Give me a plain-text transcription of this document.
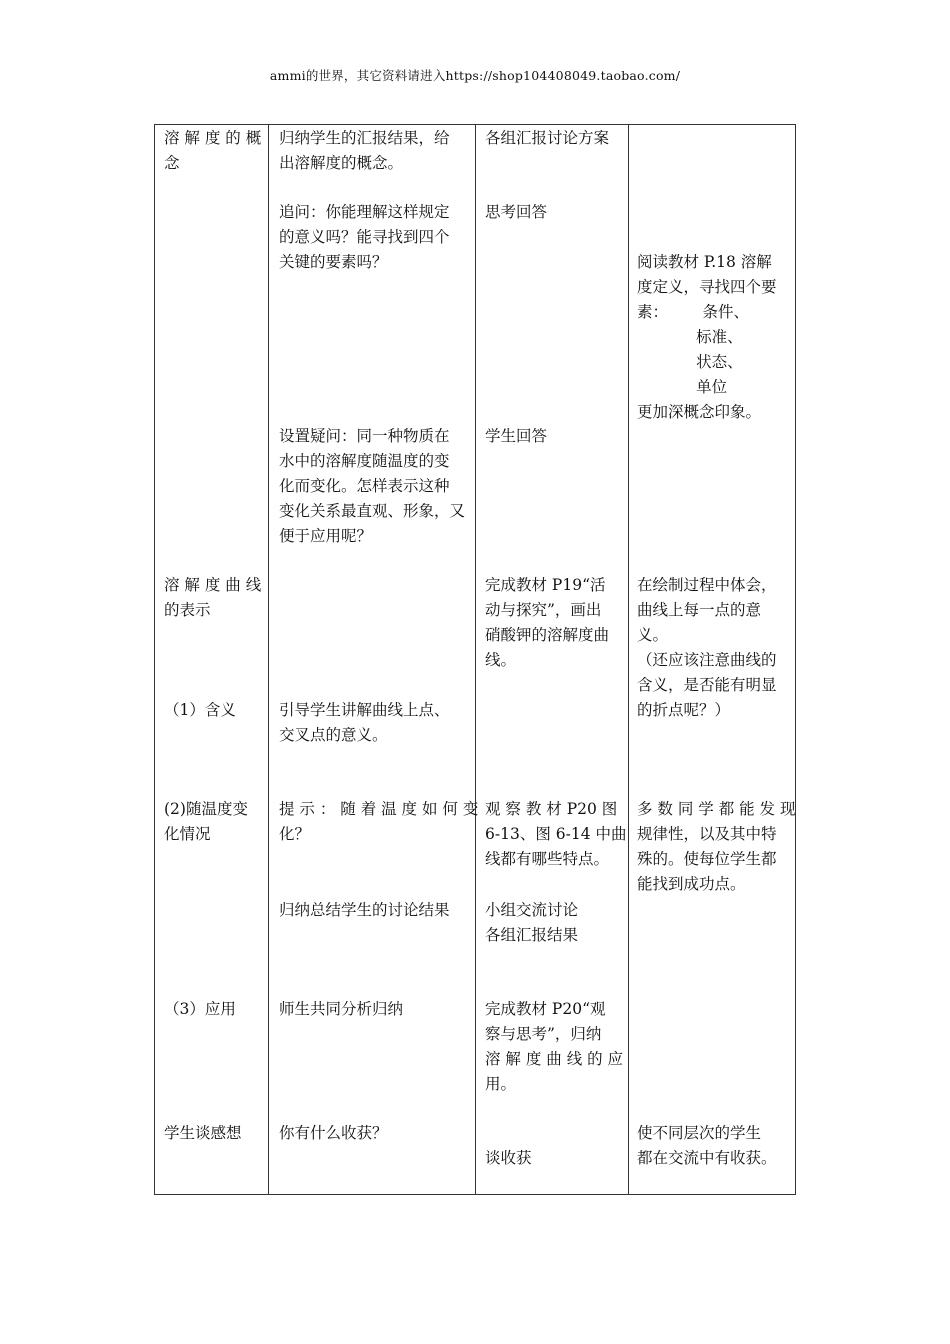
ammi的世界，其它资料请进入https://shop104408049.taobao.com/
溶 解 度 的 概
念
溶 解 度 曲 线
的表示
（1）含义
(2)随温度变
化情况
（3）应用
学生谈感想
归纳学生的汇报结果，给
出溶解度的概念。
追问：你能理解这样规定
的意义吗？能寻找到四个
关键的要素吗？
设置疑问：同一种物质在
水中的溶解度随温度的变
化而变化。怎样表示这种
变化关系最直观、形象，又
便于应用呢？
引导学生讲解曲线上点、
交叉点的意义。
提 示 ： 随 着 温 度 如 何 变
化？
归纳总结学生的讨论结果
师生共同分析归纳
你有什么收获？
各组汇报讨论方案
思考回答
学生回答
完成教材 P19“活
动与探究”，画出
硝酸钾的溶解度曲
线。
观 察 教 材 P20 图
6-13、图 6-14 中曲
线都有哪些特点。
小组交流讨论
各组汇报结果
完成教材 P20“观
察与思考”，归纳
溶 解 度 曲 线 的 应
用。
谈收获
阅读教材 P.18 溶解
度定义，寻找四个要
素：       条件、
标准、
状态、
单位
更加深概念印象。
在绘制过程中体会，
曲线上每一点的意
义。
（还应该注意曲线的
含义，是否能有明显
的折点呢？）
多 数 同 学 都 能 发 现
规律性，以及其中特
殊的。使每位学生都
能找到成功点。
使不同层次的学生
都在交流中有收获。
